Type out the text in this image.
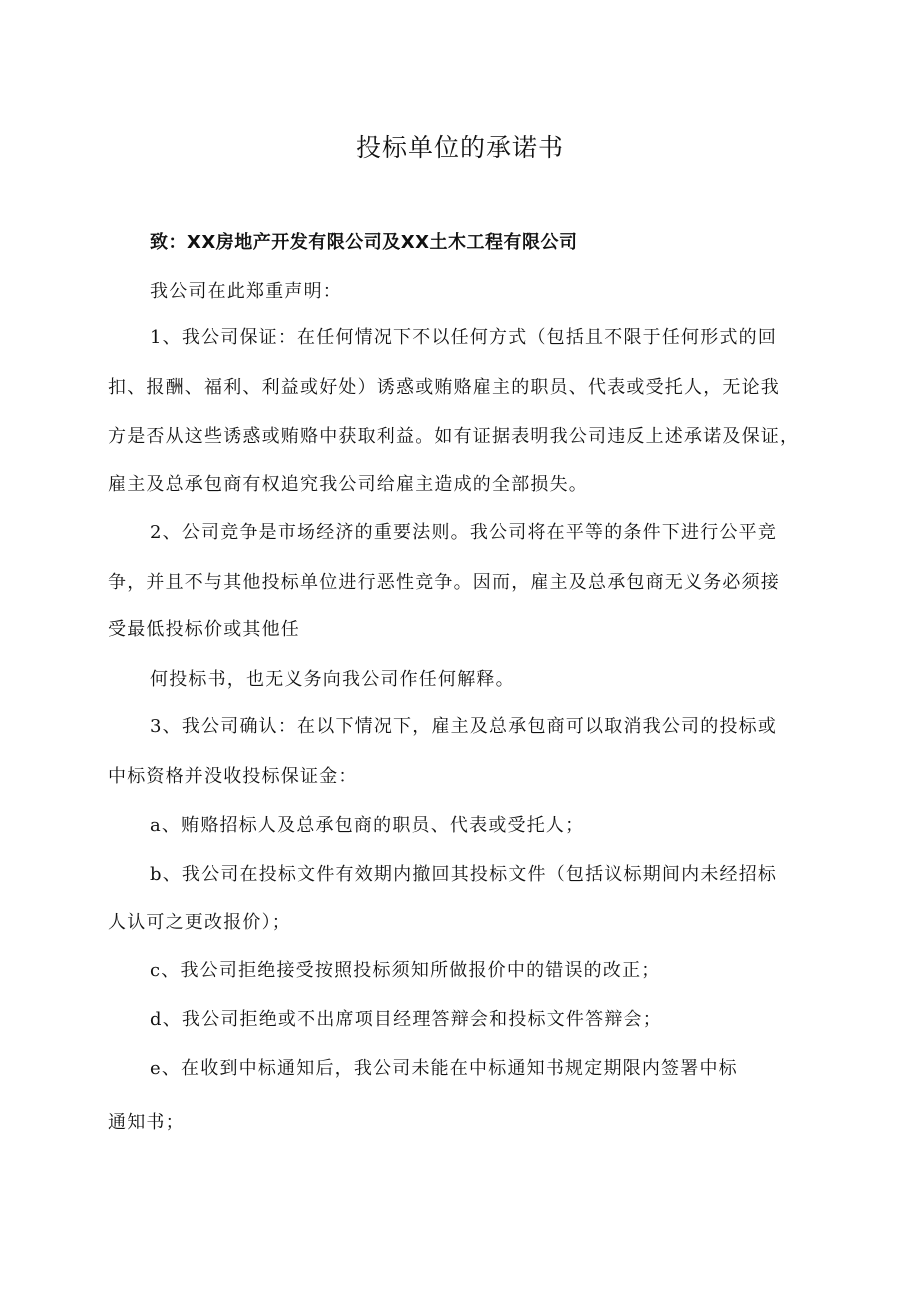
投标单位的承诺书
致：XX房地产开发有限公司及XX土木工程有限公司
我公司在此郑重声明：
1、我公司保证：在任何情况下不以任何方式（包括且不限于任何形式的回
扣、报酬、福利、利益或好处）诱惑或贿赂雇主的职员、代表或受托人，无论我
方是否从这些诱惑或贿赂中获取利益。如有证据表明我公司违反上述承诺及保证，
雇主及总承包商有权追究我公司给雇主造成的全部损失。
2、公司竞争是市场经济的重要法则。我公司将在平等的条件下进行公平竞
争，并且不与其他投标单位进行恶性竞争。因而，雇主及总承包商无义务必须接
受最低投标价或其他任
何投标书，也无义务向我公司作任何解释。
3、我公司确认：在以下情况下，雇主及总承包商可以取消我公司的投标或
中标资格并没收投标保证金：
a、贿赂招标人及总承包商的职员、代表或受托人；
b、我公司在投标文件有效期内撤回其投标文件（包括议标期间内未经招标
人认可之更改报价）；
c、我公司拒绝接受按照投标须知所做报价中的错误的改正；
d、我公司拒绝或不出席项目经理答辩会和投标文件答辩会；
e、在收到中标通知后，我公司未能在中标通知书规定期限内签署中标
通知书；
